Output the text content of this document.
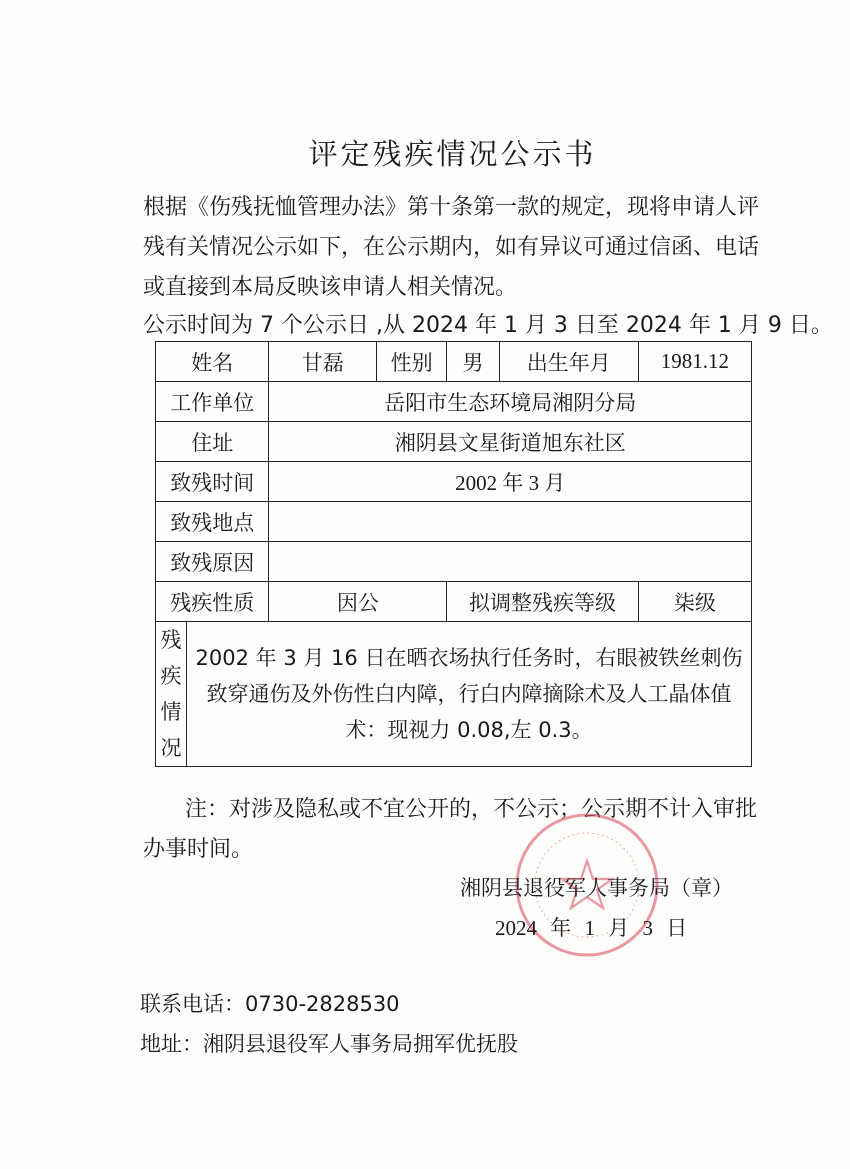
评定残疾情况公示书
根据《伤残抚恤管理办法》第十条第一款的规定，现将申请人评
残有关情况公示如下，在公示期内，如有异议可通过信函、电话
或直接到本局反映该申请人相关情况。
公示时间为 7 个公示日 ,从 2024 年 1 月 3 日至 2024 年 1 月 9 日。
姓名	甘磊	性别	男	出生年月	1981.12
工作单位	岳阳市生态环境局湘阴分局
住址	湘阴县文星街道旭东社区
致残时间	2002 年 3 月
致残地点	
致残原因	
残疾性质	因公	拟调整残疾等级	柒级

残
疾
情
况

2002 年 3 月 16 日在晒衣场执行任务时，右眼被铁丝刺伤
致穿通伤及外伤性白内障，行白内障摘除术及人工晶体值
术：现视力 0.08,左 0.3。
注：对涉及隐私或不宜公开的，不公示；公示期不计入审批
办事时间。
湘阴县退役军人事务局（章）
2024 年 1 月 3 日
联系电话：0730-2828530
地址：湘阴县退役军人事务局拥军优抚股
